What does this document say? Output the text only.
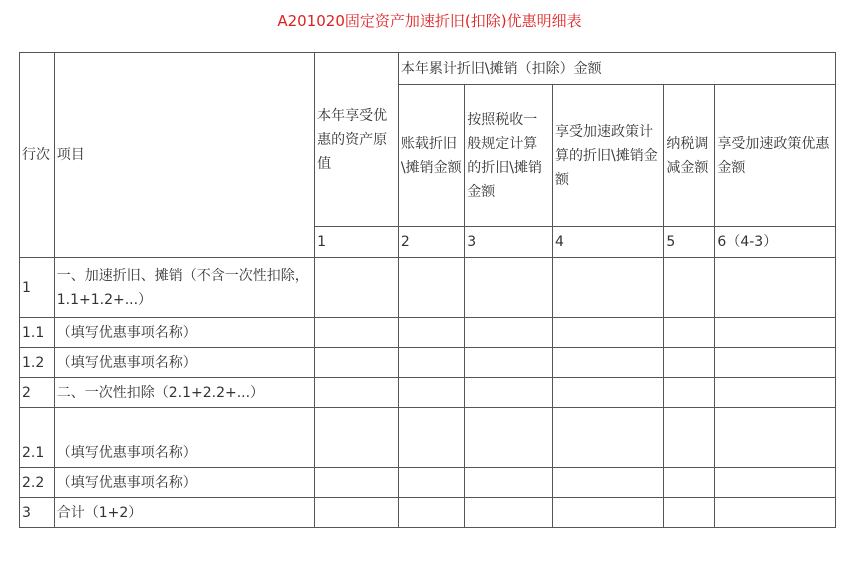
A201020固定资产加速折旧(扣除)优惠明细表
行次	项目	本年享受优惠的资产原值	本年累计折旧\摊销（扣除）金额				
			账载折旧\摊销金额	按照税收一般规定计算的折旧\摊销金额	享受加速政策计算的折旧\摊销金额	纳税调减金额	享受加速政策优惠金额
		1	2	3	4	5	6（4-3）
1	一、加速折旧、摊销（不含一次性扣除，1.1+1.2+...）						
1.1	（填写优惠事项名称）						
1.2	（填写优惠事项名称）						
2	二、一次性扣除（2.1+2.2+...）						
2.1	（填写优惠事项名称）						
2.2	（填写优惠事项名称）						
3	合计（1+2）						
